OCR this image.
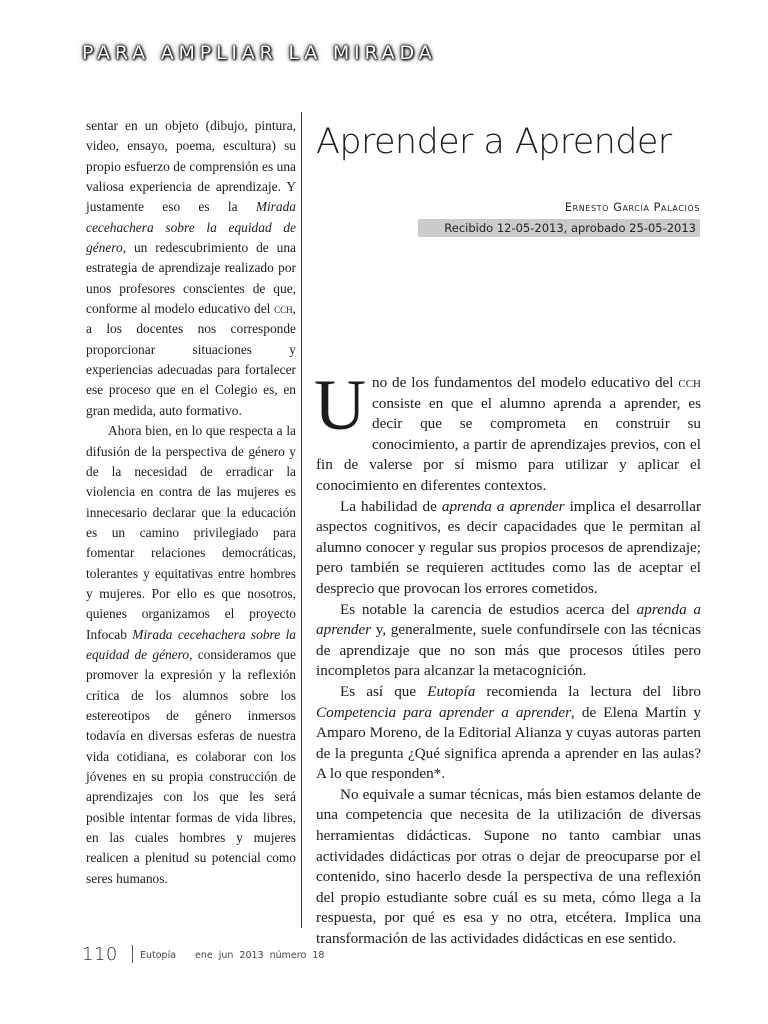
PARA AMPLIAR LA MIRADA

sentar en un objeto (dibujo, pintura, video, ensayo, poema, escultura) su propio esfuerzo de comprensión es una valiosa experiencia de aprendizaje. Y justamente eso es la Mirada cecehachera sobre la equidad de género, un redescubrimiento de una estrategia de aprendizaje realizado por unos profesores conscientes de que, conforme al modelo educativo del cch, a los docentes nos corresponde proporcionar situaciones y experiencias adecuadas para fortalecer ese proceso que en el Colegio es, en gran medida, auto formativo.

Ahora bien, en lo que respecta a la difusión de la perspectiva de género y de la necesidad de erradicar la violencia en contra de las mujeres es innecesario declarar que la educación es un camino privilegiado para fomentar relaciones democráticas, tolerantes y equitativas entre hombres y mujeres. Por ello es que nosotros, quienes organizamos el proyecto Infocab Mirada cecehachera sobre la equidad de género, consideramos que promover la expresión y la reflexión crítica de los alumnos sobre los estereotipos de género inmersos todavía en diversas esferas de nuestra vida cotidiana, es colaborar con los jóvenes en su propia construcción de aprendizajes con los que les será posible intentar formas de vida libres, en las cuales hombres y mujeres realicen a plenitud su potencial como seres humanos.

Aprender a Aprender
Ernesto García Palacios
Recibido 12-05-2013, aprobado 25-05-2013

Uno de los fundamentos del modelo educativo del cch consiste en que el alumno aprenda a aprender, es decir que se comprometa en construir su conocimiento, a partir de aprendizajes previos, con el fin de valerse por sí mismo para utilizar y aplicar el conocimiento en diferentes contextos.

La habilidad de aprenda a aprender implica el desarrollar aspectos cognitivos, es decir capacidades que le permitan al alumno conocer y regular sus propios procesos de aprendizaje; pero también se requieren actitudes como las de aceptar el desprecio que provocan los errores cometidos.

Es notable la carencia de estudios acerca del aprenda a aprender y, generalmente, suele confundírsele con las técnicas de aprendizaje que no son más que procesos útiles pero incompletos para alcanzar la metacognición.

Es así que Eutopía recomienda la lectura del libro Competencia para aprender a aprender, de Elena Martín y Amparo Moreno, de la Editorial Alianza y cuyas autoras parten de la pregunta ¿Qué significa aprenda a aprender en las aulas? A lo que responden*.

No equivale a sumar técnicas, más bien estamos delante de una competencia que necesita de la utilización de diversas herramientas didácticas. Supone no tanto cambiar unas actividades didácticas por otras o dejar de preocuparse por el contenido, sino hacerlo desde la perspectiva de una reflexión del propio estudiante sobre cuál es su meta, cómo llega a la respuesta, por qué es esa y no otra, etcétera. Implica una transformación de las actividades didácticas en ese sentido.

110 Eutopía ene jun 2013 número 18
